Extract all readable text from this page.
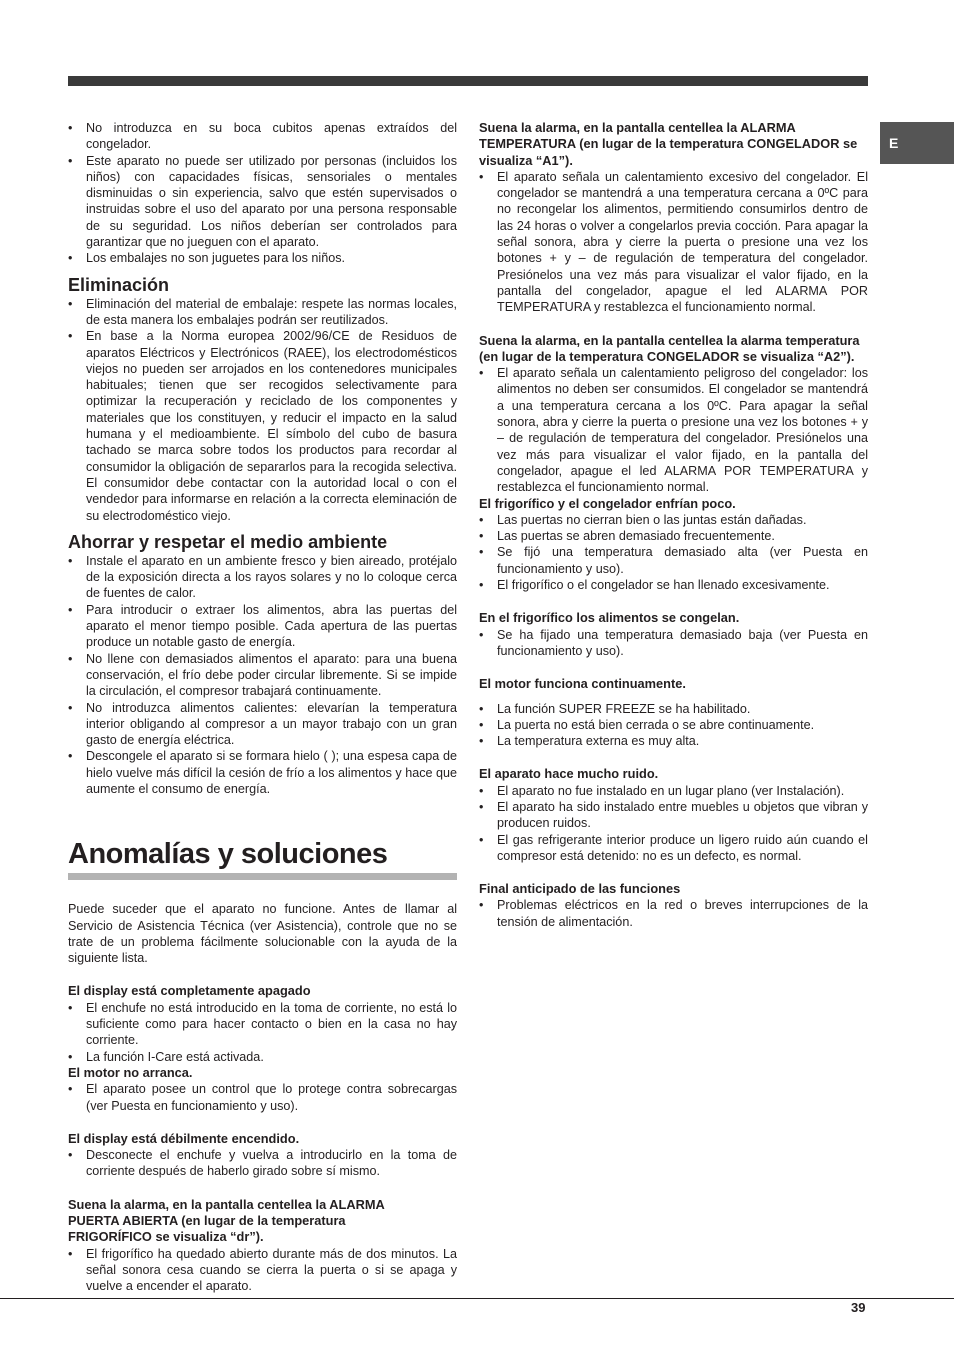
E
• No introduzca en su boca cubitos apenas extraídos del congelador.
• Este aparato no puede ser utilizado por personas (incluidos los niños) con capacidades físicas, sensoriales o mentales disminuidas o sin experiencia, salvo que estén supervisados o instruidas sobre el uso del aparato por una persona responsable de su seguridad. Los niños deberían ser controlados para garantizar que no jueguen con el aparato.
• Los embalajes no son juguetes para los niños.
Eliminación
• Eliminación del material de embalaje: respete las normas locales, de esta manera los embalajes podrán ser reutilizados.
• En base a la Norma europea 2002/96/CE de Residuos de aparatos Eléctricos y Electrónicos (RAEE), los electrodomésticos viejos no pueden ser arrojados en los contenedores municipales habituales; tienen que ser recogidos selectivamente para optimizar la recuperación y reciclado de los componentes y materiales que los constituyen, y reducir el impacto en la salud humana y el medioambiente. El símbolo del cubo de basura tachado se marca sobre todos los productos para recordar al consumidor la obligación de separarlos para la recogida selectiva. El consumidor debe contactar con la autoridad local o con el vendedor para informarse en relación a la correcta eleminación de su electrodoméstico viejo.
Ahorrar y respetar el medio ambiente
• Instale el aparato en un ambiente fresco y bien aireado, protéjalo de la exposición directa a los rayos solares y no lo coloque cerca de fuentes de calor.
• Para introducir o extraer los alimentos, abra las puertas del aparato el menor tiempo posible. Cada apertura de las puertas produce un notable gasto de energía.
• No llene con demasiados alimentos el aparato: para una buena conservación, el frío debe poder circular libremente. Si se impide la circulación, el compresor trabajará continuamente.
• No introduzca alimentos calientes: elevarían la temperatura interior obligando al compresor a un mayor trabajo con un gran gasto de energía eléctrica.
• Descongele el aparato si se formara hielo ( ); una espesa capa de hielo vuelve más difícil la cesión de frío a los alimentos y hace que aumente el consumo de energía.
Anomalías y soluciones

Puede suceder que el aparato no funcione. Antes de llamar al Servicio de Asistencia Técnica (ver Asistencia), controle que no se trate de un problema fácilmente solucionable con la ayuda de la siguiente lista.

El display está completamente apagado
• El enchufe no está introducido en la toma de corriente, no está lo suficiente como para hacer contacto o bien en la casa no hay corriente.
• La función I-Care está activada.
El motor no arranca.
• El aparato posee un control que lo protege contra sobrecargas (ver Puesta en funcionamiento y uso).
El display está débilmente encendido.
• Desconecte el enchufe y vuelva a introducirlo en la toma de corriente después de haberlo girado sobre sí mismo.
Suena la alarma, en la pantalla centellea la ALARMA PUERTA ABIERTA (en lugar de la temperatura FRIGORÍFICO se visualiza “dr”).
• El frigorífico ha quedado abierto durante más de dos minutos. La señal sonora cesa cuando se cierra la puerta o si se apaga y vuelve a encender el aparato.
Suena la alarma, en la pantalla centellea la ALARMA TEMPERATURA (en lugar de la temperatura CONGELADOR se visualiza “A1”).
• El aparato señala un calentamiento excesivo del congelador. El congelador se mantendrá a una temperatura cercana a 0ºC para no recongelar los alimentos, permitiendo consumirlos dentro de las 24 horas o volver a congelarlos previa cocción. Para apagar la señal sonora, abra y cierre la puerta o presione una vez los botones + y – de regulación de temperatura del congelador. Presiónelos una vez más para visualizar el valor fijado, en la pantalla del congelador, apague el led ALARMA POR TEMPERATURA y restablezca el funcionamiento normal.
Suena la alarma, en la pantalla centellea la alarma temperatura (en lugar de la temperatura CONGELADOR se visualiza “A2”).
• El aparato señala un calentamiento peligroso del congelador: los alimentos no deben ser consumidos. El congelador se mantendrá a una temperatura cercana a los 0ºC. Para apagar la señal sonora, abra y cierre la puerta o presione una vez los botones + y – de regulación de temperatura del congelador. Presiónelos una vez más para visualizar el valor fijado, en la pantalla del congelador, apague el led ALARMA POR TEMPERATURA y restablezca el funcionamiento normal.
El frigorífico y el congelador enfrían poco.
• Las puertas no cierran bien o las juntas están dañadas.
• Las puertas se abren demasiado frecuentemente.
• Se fijó una temperatura demasiado alta (ver Puesta en funcionamiento y uso).
• El frigorífico o el congelador se han llenado excesivamente.
En el frigorífico los alimentos se congelan.
• Se ha fijado una temperatura demasiado baja (ver Puesta en funcionamiento y uso).
El motor funciona continuamente.
• La función SUPER FREEZE se ha habilitado.
• La puerta no está bien cerrada o se abre continuamente.
• La temperatura externa es muy alta.
El aparato hace mucho ruido.
• El aparato no fue instalado en un lugar plano (ver Instalación).
• El aparato ha sido instalado entre muebles u objetos que vibran y producen ruidos.
• El gas refrigerante interior produce un ligero ruido aún cuando el compresor está detenido: no es un defecto, es normal.
Final anticipado de las funciones
• Problemas eléctricos en la red o breves interrupciones de la tensión de alimentación.
39
